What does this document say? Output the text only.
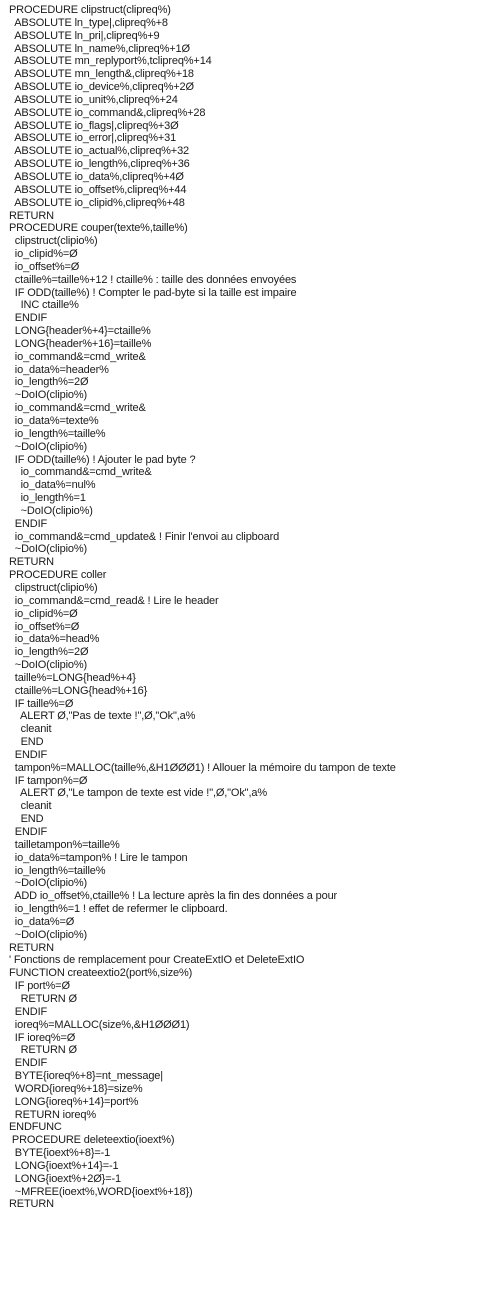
PROCEDURE clipstruct(clipreq%)
ABSOLUTE ln_type|,clipreq%+8
ABSOLUTE ln_pri|,clipreq%+9
ABSOLUTE ln_name%,clipreq%+1Ø
ABSOLUTE mn_replyport%,tclipreq%+14
ABSOLUTE mn_length&,clipreq%+18
ABSOLUTE io_device%,clipreq%+2Ø
ABSOLUTE io_unit%,clipreq%+24
ABSOLUTE io_command&,clipreq%+28
ABSOLUTE io_flags|,clipreq%+3Ø
ABSOLUTE io_error|,clipreq%+31
ABSOLUTE io_actual%,clipreq%+32
ABSOLUTE io_length%,clipreq%+36
ABSOLUTE io_data%,clipreq%+4Ø
ABSOLUTE io_offset%,clipreq%+44
ABSOLUTE io_clipid%,clipreq%+48
RETURN
PROCEDURE couper(texte%,taille%)
clipstruct(clipio%)
io_clipid%=Ø
io_offset%=Ø
ctaille%=taille%+12 ! ctaille% : taille des données envoyées
IF ODD(taille%) ! Compter le pad-byte si la taille est impaire
INC ctaille%
ENDIF
LONG{header%+4}=ctaille%
LONG{header%+16}=taille%
io_command&=cmd_write&
io_data%=header%
io_length%=2Ø
~DoIO(clipio%)
io_command&=cmd_write&
io_data%=texte%
io_length%=taille%
~DoIO(clipio%)
IF ODD(taille%) ! Ajouter le pad byte ?
io_command&=cmd_write&
io_data%=nul%
io_length%=1
~DoIO(clipio%)
ENDIF
io_command&=cmd_update& ! Finir l'envoi au clipboard
~DoIO(clipio%)
RETURN
PROCEDURE coller
clipstruct(clipio%)
io_command&=cmd_read& ! Lire le header
io_clipid%=Ø
io_offset%=Ø
io_data%=head%
io_length%=2Ø
~DoIO(clipio%)
taille%=LONG{head%+4}
ctaille%=LONG{head%+16}
IF taille%=Ø
ALERT Ø,"Pas de texte !",Ø,"Ok",a%
cleanit
END
ENDIF
tampon%=MALLOC(taille%,&H1ØØØ1) ! Allouer la mémoire du tampon de texte
IF tampon%=Ø
ALERT Ø,"Le tampon de texte est vide !",Ø,"Ok",a%
cleanit
END
ENDIF
tailletampon%=taille%
io_data%=tampon% ! Lire le tampon
io_length%=taille%
~DoIO(clipio%)
ADD io_offset%,ctaille% ! La lecture après la fin des données a pour
io_length%=1 ! effet de refermer le clipboard.
io_data%=Ø
~DoIO(clipio%)
RETURN
' Fonctions de remplacement pour CreateExtIO et DeleteExtIO
FUNCTION createextio2(port%,size%)
IF port%=Ø
RETURN Ø
ENDIF
ioreq%=MALLOC(size%,&H1ØØØ1)
IF ioreq%=Ø
RETURN Ø
ENDIF
BYTE{ioreq%+8}=nt_message|
WORD{ioreq%+18}=size%
LONG{ioreq%+14}=port%
RETURN ioreq%
ENDFUNC
PROCEDURE deleteextio(ioext%)
BYTE{ioext%+8}=-1
LONG{ioext%+14}=-1
LONG{ioext%+2Ø}=-1
~MFREE(ioext%,WORD{ioext%+18})
RETURN
